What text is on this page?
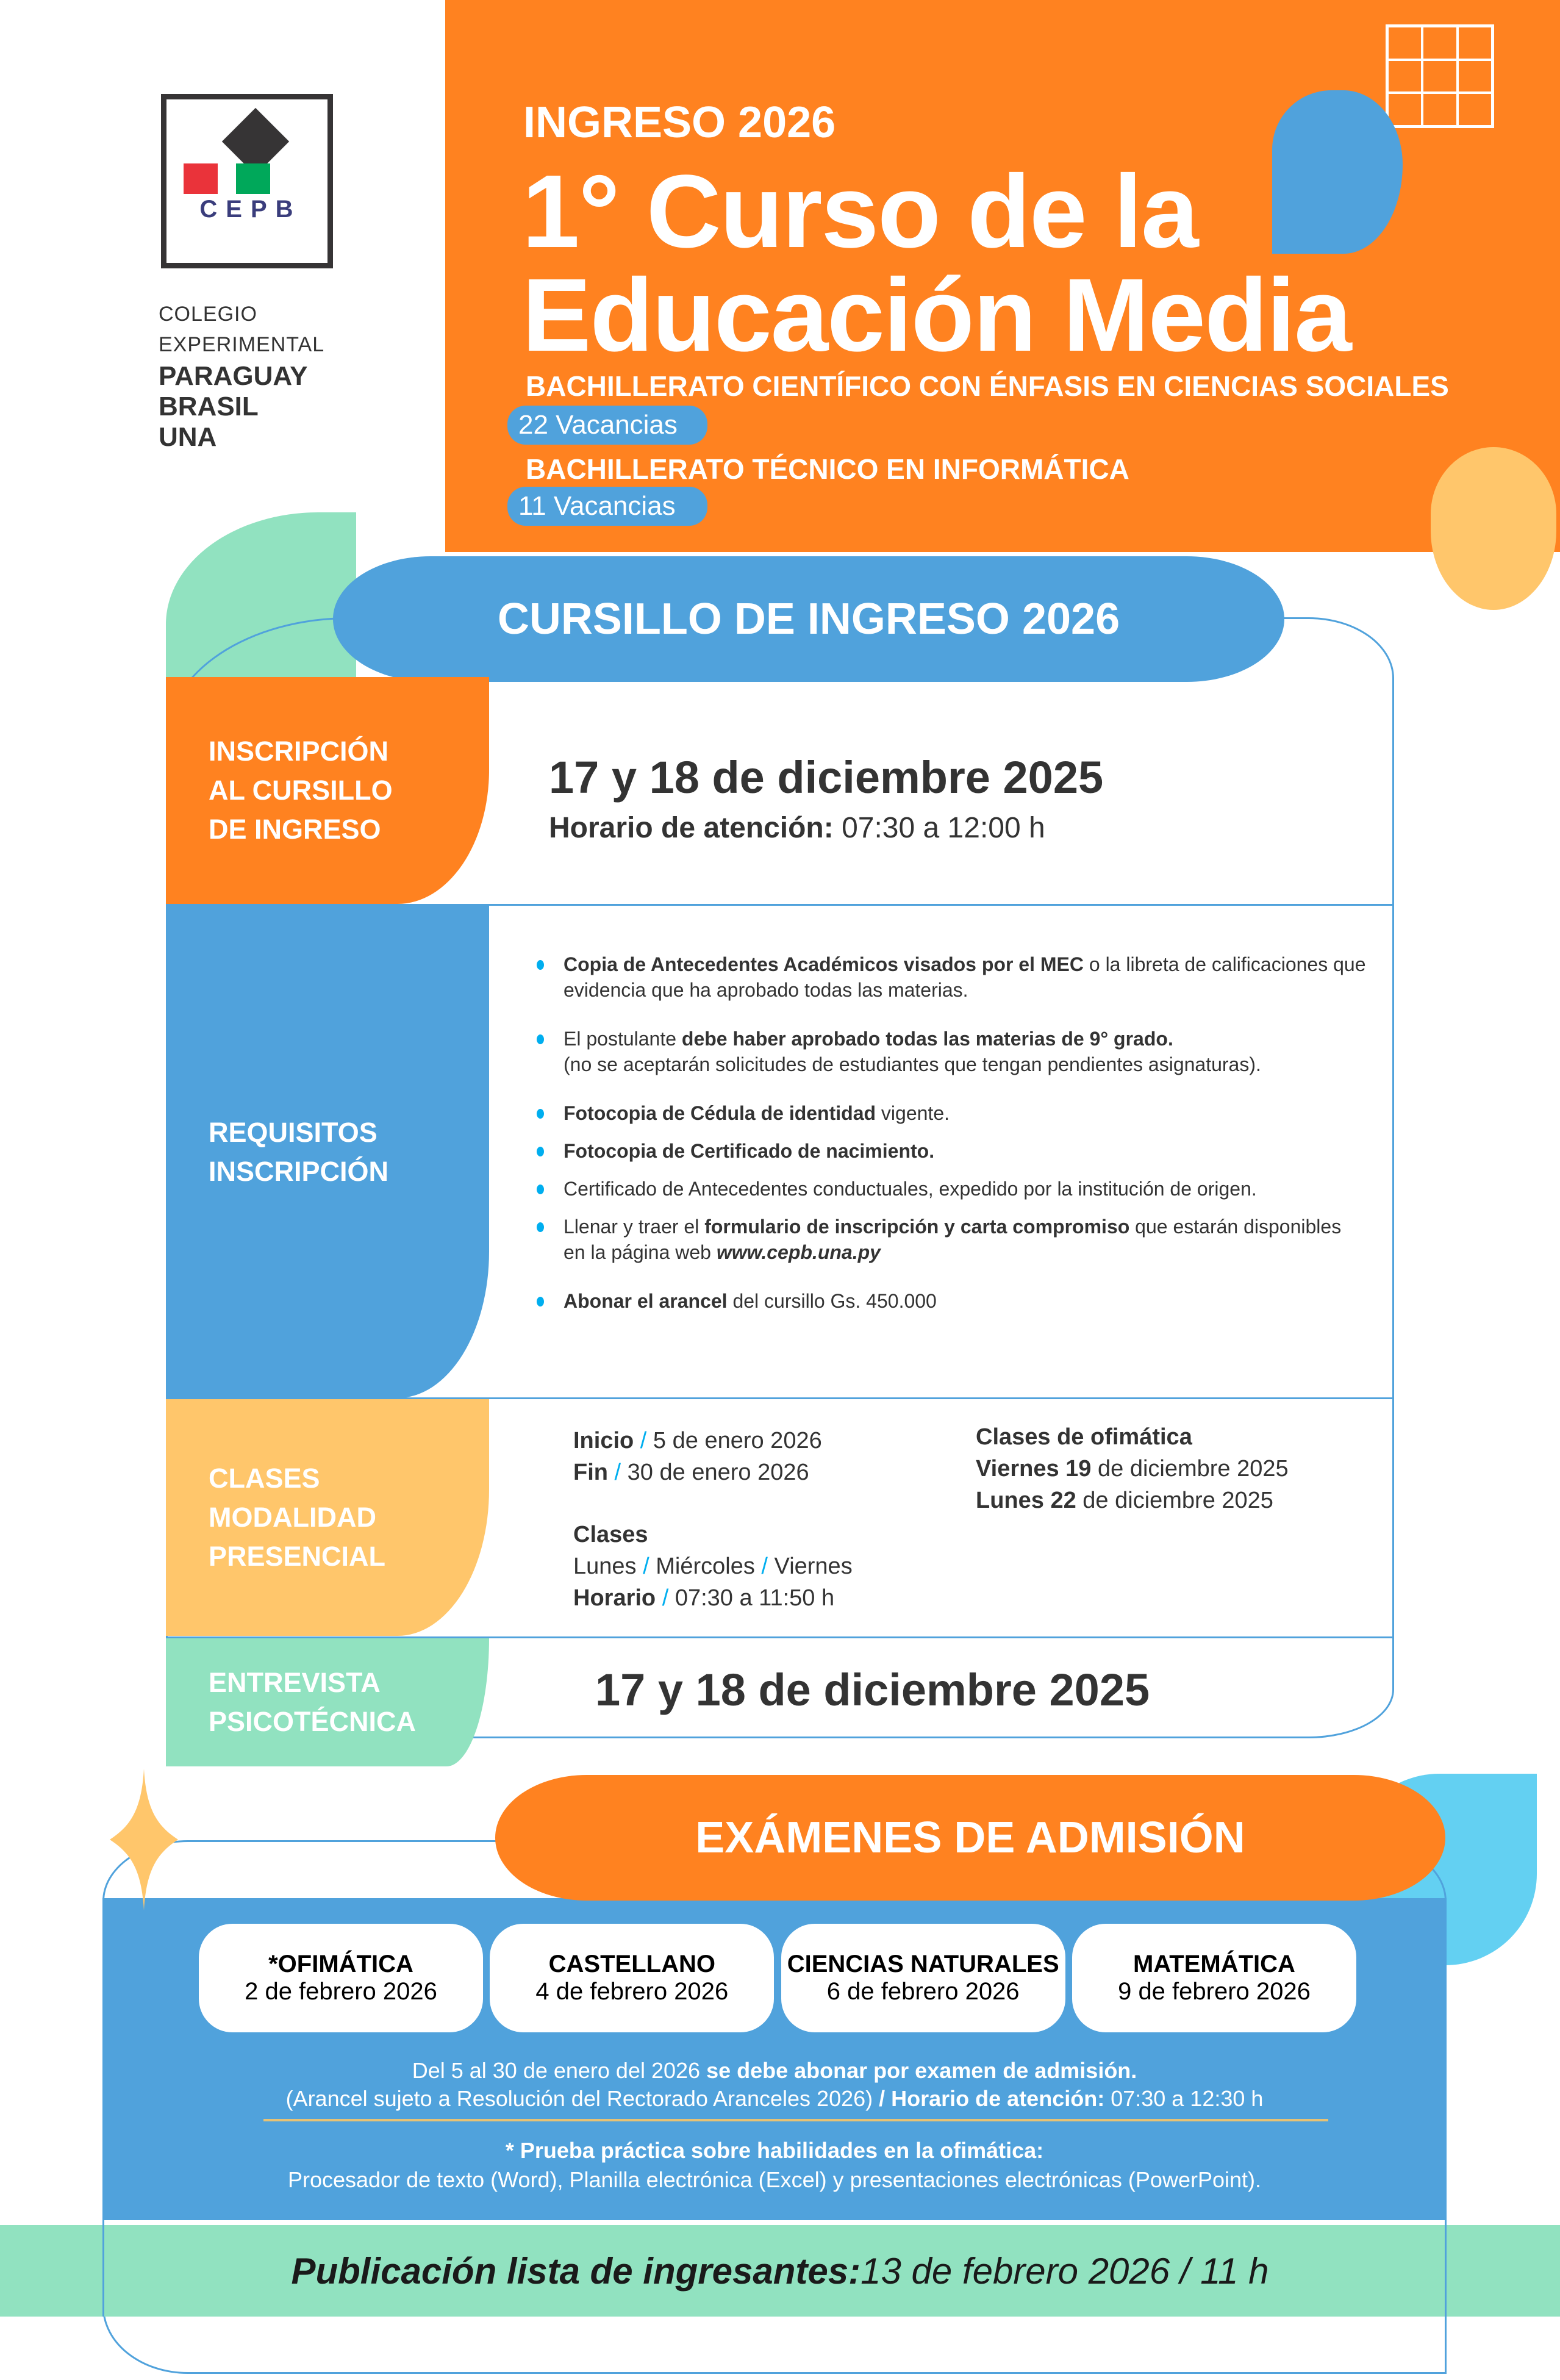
CEPB
COLEGIO
EXPERIMENTAL
PARAGUAY
BRASIL
UNA
INGRESO 2026
1° Curso de la
Educación Media
BACHILLERATO CIENTÍFICO CON ÉNFASIS EN CIENCIAS SOCIALES
22 Vacancias
BACHILLERATO TÉCNICO EN INFORMÁTICA
11 Vacancias
CURSILLO DE INGRESO 2026
INSCRIPCIÓN
AL CURSILLO
DE INGRESO
17 y 18 de diciembre 2025
Horario de atención: 07:30 a 12:00 h
REQUISITOS
INSCRIPCIÓN
Copia de Antecedentes Académicos visados por el MEC o la libreta de calificaciones que evidencia que ha aprobado todas las materias.
El postulante debe haber aprobado todas las materias de 9° grado.
(no se aceptarán solicitudes de estudiantes que tengan pendientes asignaturas).
Fotocopia de Cédula de identidad vigente.
Fotocopia de Certificado de nacimiento.
Certificado de Antecedentes conductuales, expedido por la institución de origen.
Llenar y traer el formulario de inscripción y carta compromiso que estarán disponibles en la página web www.cepb.una.py
Abonar el arancel del cursillo Gs. 450.000
CLASES
MODALIDAD
PRESENCIAL
Inicio / 5 de enero 2026
Fin / 30 de enero 2026
Clases
Lunes / Miércoles / Viernes
Horario / 07:30 a 11:50 h
Clases de ofimática
Viernes 19 de diciembre 2025
Lunes 22 de diciembre 2025
ENTREVISTA
PSICOTÉCNICA
17 y 18 de diciembre 2025
EXÁMENES DE ADMISIÓN
*OFIMÁTICA
2 de febrero 2026
CASTELLANO
4 de febrero 2026
CIENCIAS NATURALES
6 de febrero 2026
MATEMÁTICA
9 de febrero 2026
Del 5 al 30 de enero del 2026 se debe abonar por examen de admisión.
(Arancel sujeto a Resolución del Rectorado Aranceles 2026) / Horario de atención: 07:30 a 12:30 h
* Prueba práctica sobre habilidades en la ofimática:
Procesador de texto (Word), Planilla electrónica (Excel) y presentaciones electrónicas (PowerPoint).
Publicación lista de ingresantes: 13 de febrero 2026 / 11 h
